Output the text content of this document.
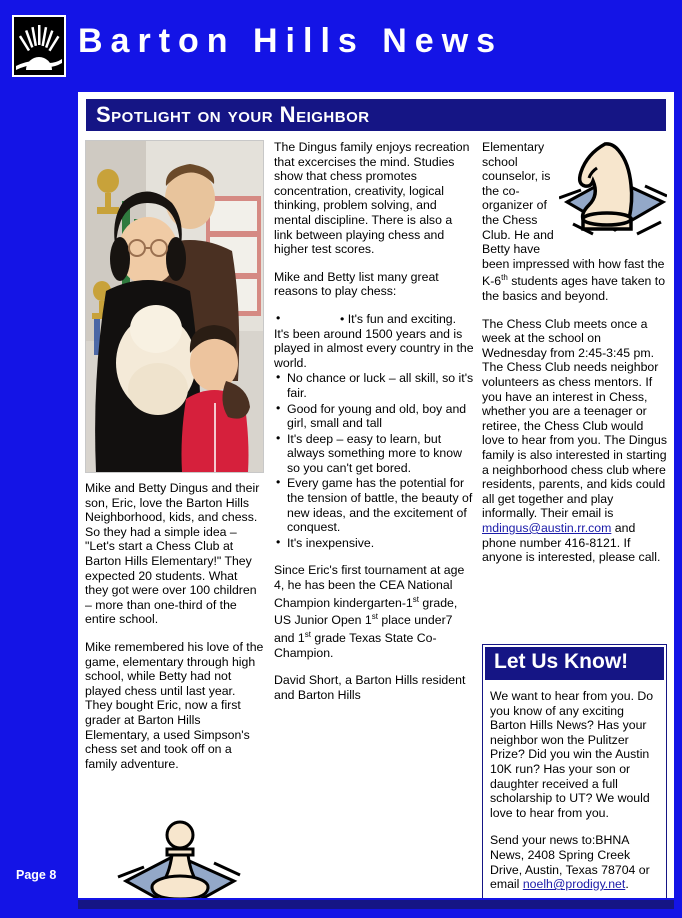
Barton Hills News
Spotlight on your Neighbor

Mike and Betty Dingus and their son, Eric, love the Barton Hills Neighborhood, kids, and chess. So they had a simple idea – "Let's start a Chess Club at Barton Hills Elementary!" They expected 20 students. What they got were over 100 children – more than one-third of the entire school.

Mike remembered his love of the game, elementary through high school, while Betty had not played chess until last year. They bought Eric, now a first grader at Barton Hills Elementary, a used Simpson's chess set and took off on a family adventure.

The Dingus family enjoys recreation that excercises the mind. Studies show that chess promotes concentration, creativity, logical thinking, problem solving, and mental discipline. There is also a link between playing chess and higher test scores.

Mike and Betty list many great reasons to play chess:

• • It's fun and exciting. It's been around 1500 years and is played in almost every country in the world.
• No chance or luck – all skill, so it's fair.
• Good for young and old, boy and girl, small and tall
• It's deep – easy to learn, but always something more to know so you can't get bored.
• Every game has the potential for the tension of battle, the beauty of new ideas, and the excitement of conquest.
• It's inexpensive.

Since Eric's first tournament at age 4, he has been the CEA National Champion kindergarten-1st grade, US Junior Open 1st place under7 and 1st grade Texas State Co-Champion.

David Short, a Barton Hills resident and Barton Hills

Elementary school counselor, is the co-organizer of the Chess Club. He and Betty have been impressed with how fast the K-6th students ages have taken to the basics and beyond.

The Chess Club meets once a week at the school on Wednesday from 2:45-3:45 pm. The Chess Club needs neighbor volunteers as chess mentors. If you have an interest in Chess, whether you are a teenager or retiree, the Chess Club would love to hear from you. The Dingus family is also interested in starting a neighborhood chess club where residents, parents, and kids could all get together and play informally. Their email is mdingus@austin.rr.com and phone number 416-8121. If anyone is interested, please call.

Let Us Know!

We want to hear from you. Do you know of any exciting Barton Hills News? Has your neighbor won the Pulitzer Prize? Did you win the Austin 10K run? Has your son or daughter received a full scholarship to UT? We would love to hear from you.

Send your news to:BHNA News, 2408 Spring Creek Drive, Austin, Texas 78704 or email noelh@prodigy.net.

Page 8
